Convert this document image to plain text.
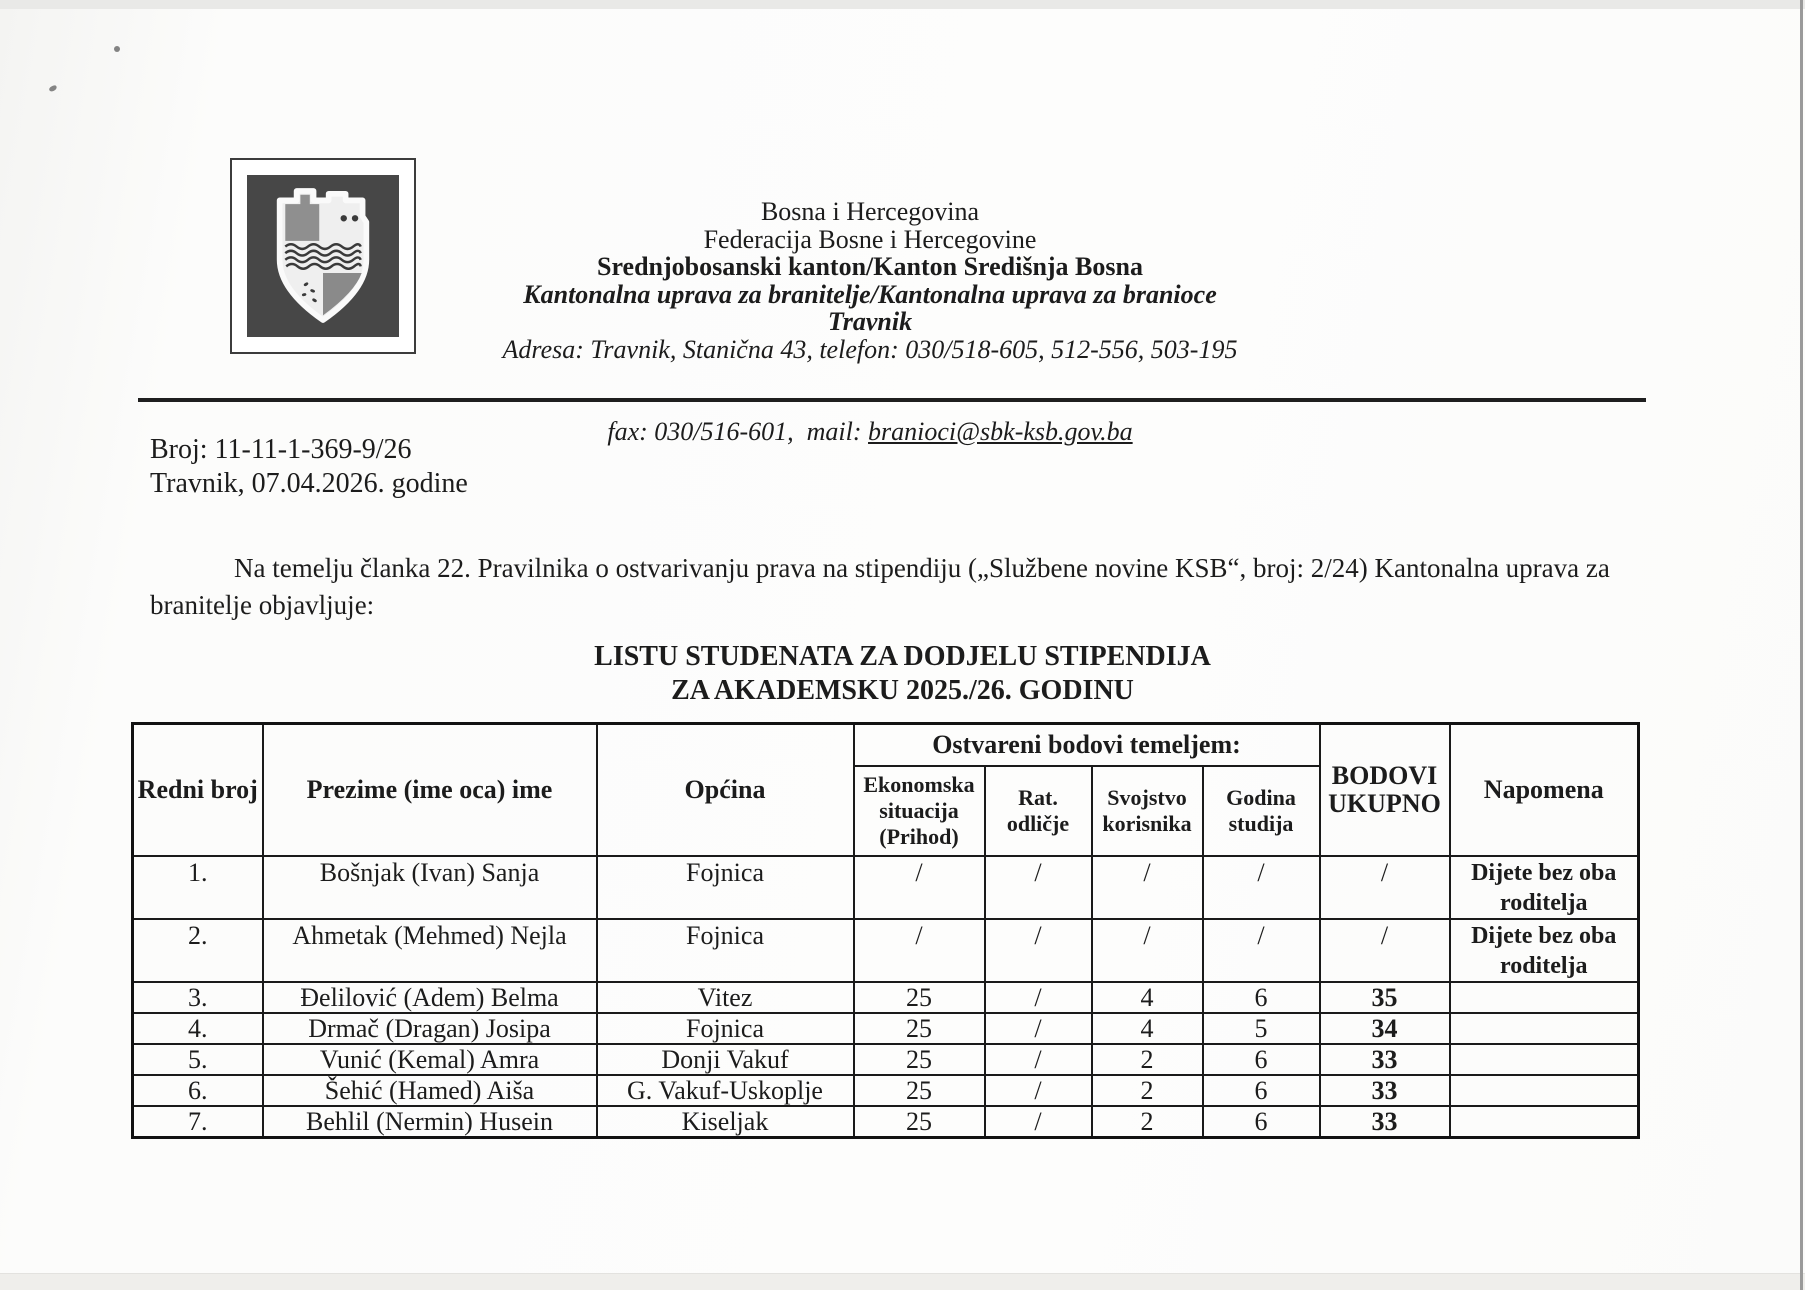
Bosna i Hercegovina
Federacija Bosne i Hercegovine
Srednjobosanski kanton/Kanton Središnja Bosna
Kantonalna uprava za branitelje/Kantonalna uprava za branioce
Travnik
Adresa: Travnik, Stanična 43, telefon: 030/518-605, 512-556, 503-195

fax: 030/516-601,  mail: branioci@sbk-ksb.gov.ba

Broj: 11-11-1-369-9/26
Travnik, 07.04.2026. godine

Na temelju članka 22. Pravilnika o ostvarivanju prava na stipendiju („Službene novine KSB“, broj: 2/24) Kantonalna uprava za branitelje objavljuje:

LISTU STUDENATA ZA DODJELU STIPENDIJA
ZA AKADEMSKU 2025./26. GODINU
Redni broj	Prezime (ime oca) ime	Općina	Ostvareni bodovi temeljem:				BODOVI UKUPNO	Napomena
			Ekonomska situacija (Prihod)	Rat. odličje	Svojstvo korisnika	Godina studija		
1.	Bošnjak (Ivan) Sanja	Fojnica	/	/	/	/	/	Dijete bez oba roditelja
2.	Ahmetak (Mehmed) Nejla	Fojnica	/	/	/	/	/	Dijete bez oba roditelja
3.	Đelilović (Adem) Belma	Vitez	25	/	4	6	35	
4.	Drmač (Dragan) Josipa	Fojnica	25	/	4	5	34	
5.	Vunić (Kemal) Amra	Donji Vakuf	25	/	2	6	33	
6.	Šehić (Hamed) Aiša	G. Vakuf-Uskoplje	25	/	2	6	33	
7.	Behlil (Nermin) Husein	Kiseljak	25	/	2	6	33	
